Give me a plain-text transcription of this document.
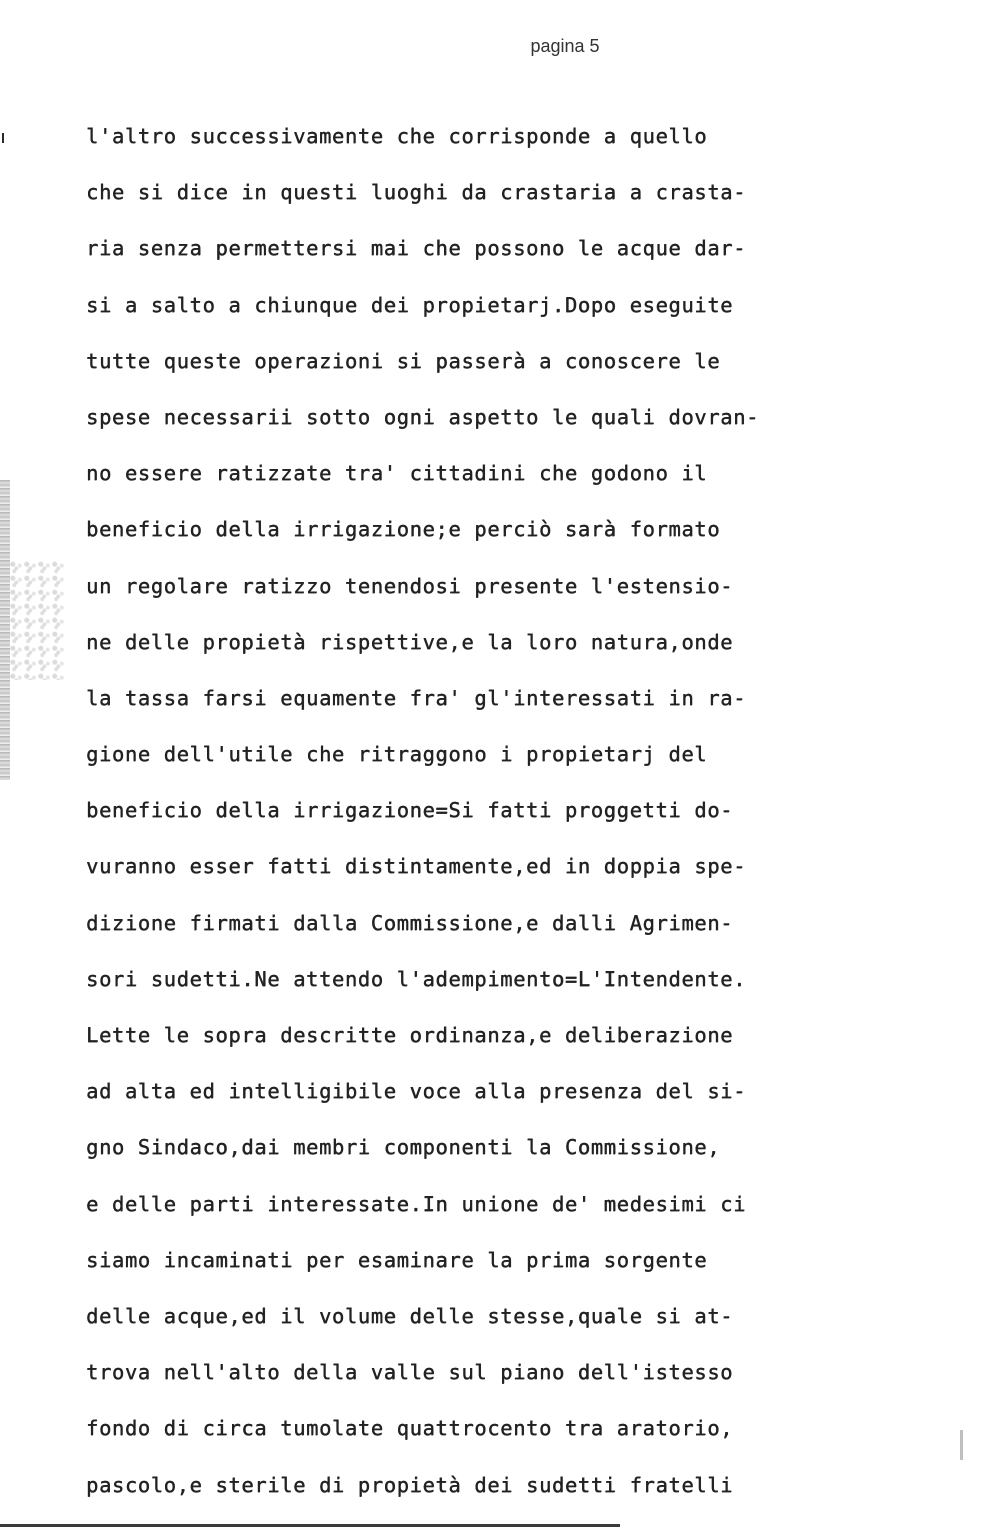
pagina 5
l'altro successivamente che corrisponde a quello
che si dice in questi luoghi da crastaria a crasta-
ria senza permettersi mai che possono le acque dar-
si a salto a chiunque dei propietarj.Dopo eseguite
tutte queste operazioni si passerà a conoscere le
spese necessarii sotto ogni aspetto le quali dovran-
no essere ratizzate tra' cittadini che godono il
beneficio della irrigazione;e perciò sarà formato
un regolare ratizzo tenendosi presente l'estensio-
ne delle propietà rispettive,e la loro natura,onde
la tassa farsi equamente fra' gl'interessati in ra-
gione dell'utile che ritraggono i propietarj del
beneficio della irrigazione=Si fatti proggetti do-
vuranno esser fatti distintamente,ed in doppia spe-
dizione firmati dalla Commissione,e dalli Agrimen-
sori sudetti.Ne attendo l'adempimento=L'Intendente.
Lette le sopra descritte ordinanza,e deliberazione
ad alta ed intelligibile voce alla presenza del si-
gno Sindaco,dai membri componenti la Commissione,
e delle parti interessate.In unione de' medesimi ci
siamo incaminati per esaminare la prima sorgente
delle acque,ed il volume delle stesse,quale si at-
trova nell'alto della valle sul piano dell'istesso
fondo di circa tumolate quattrocento tra aratorio,
pascolo,e sterile di propietà dei sudetti fratelli
